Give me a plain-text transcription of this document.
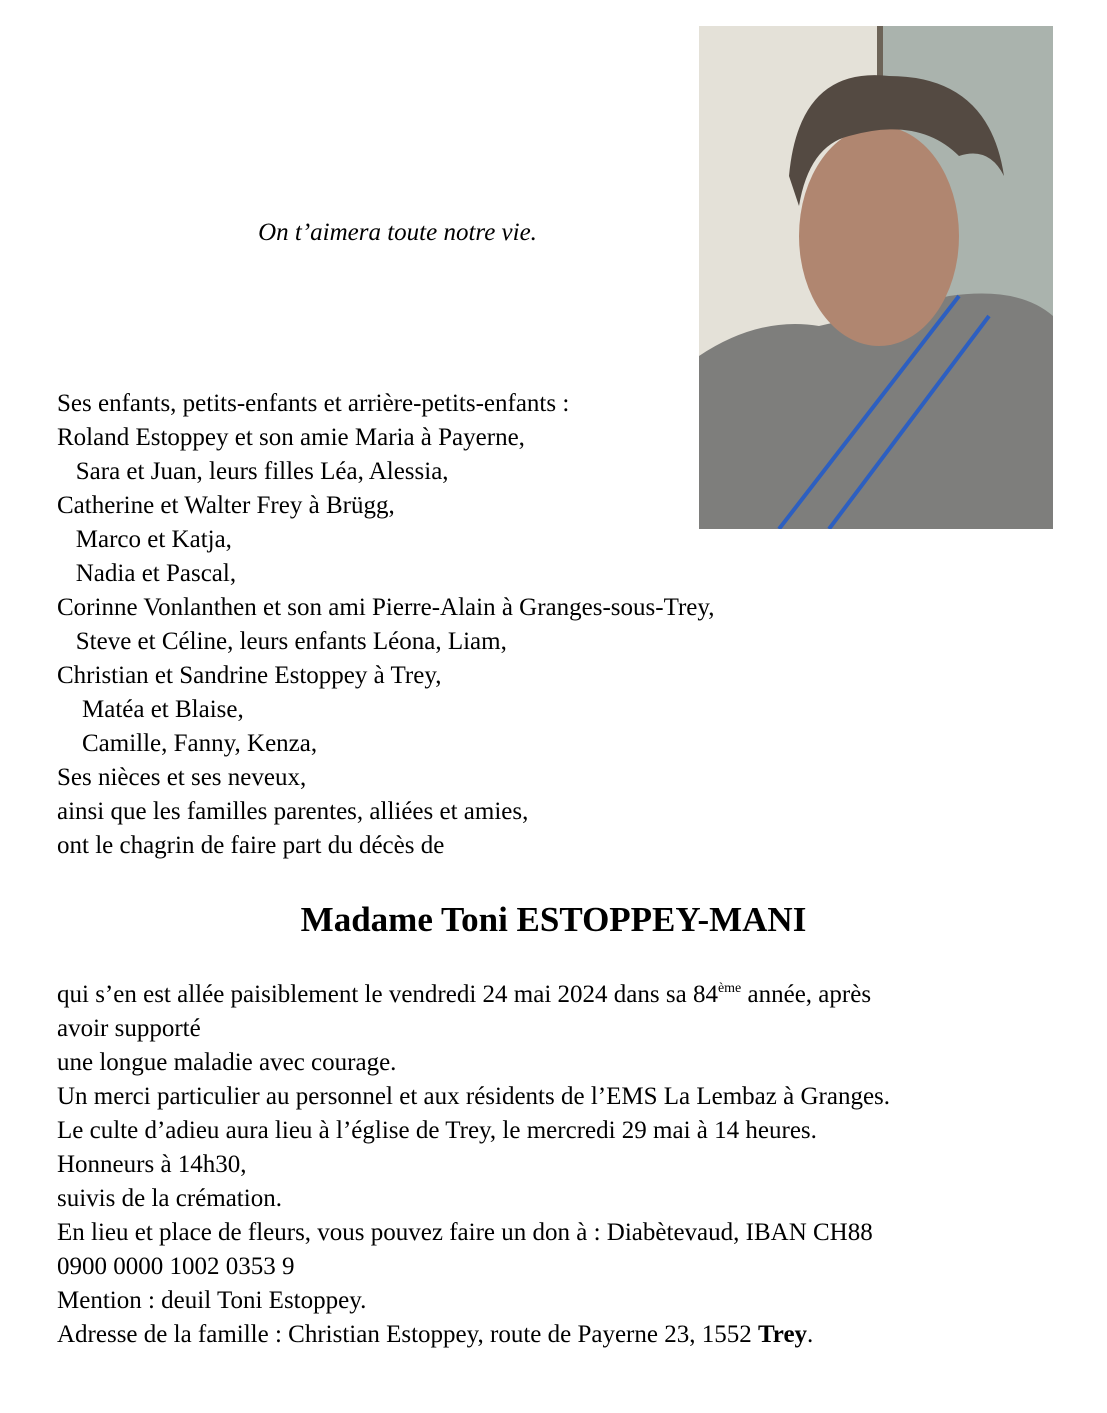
On t’aimera toute notre vie.
Ses enfants, petits-enfants et arrière-petits-enfants :
Roland Estoppey et son amie Maria à Payerne,
Sara et Juan, leurs filles Léa, Alessia,
Catherine et Walter Frey à Brügg,
Marco et Katja,
Nadia et Pascal,
Corinne Vonlanthen et son ami Pierre-Alain à Granges-sous-Trey,
Steve et Céline, leurs enfants Léona, Liam,
Christian et Sandrine Estoppey à Trey,
Matéa et Blaise,
Camille, Fanny, Kenza,
Ses nièces et ses neveux,
ainsi que les familles parentes, alliées et amies,
ont le chagrin de faire part du décès de
Madame Toni ESTOPPEY-MANI
qui s’en est allée paisiblement le vendredi 24 mai 2024 dans sa 84ème année, après
avoir supporté
une longue maladie avec courage.
Un merci particulier au personnel et aux résidents de l’EMS La Lembaz à Granges.
Le culte d’adieu aura lieu à l’église de Trey, le mercredi 29 mai à 14 heures.
Honneurs à 14h30,
suivis de la crémation.
En lieu et place de fleurs, vous pouvez faire un don à : Diabètevaud, IBAN CH88
0900 0000 1002 0353 9
Mention : deuil Toni Estoppey.
Adresse de la famille : Christian Estoppey, route de Payerne 23, 1552 Trey.
